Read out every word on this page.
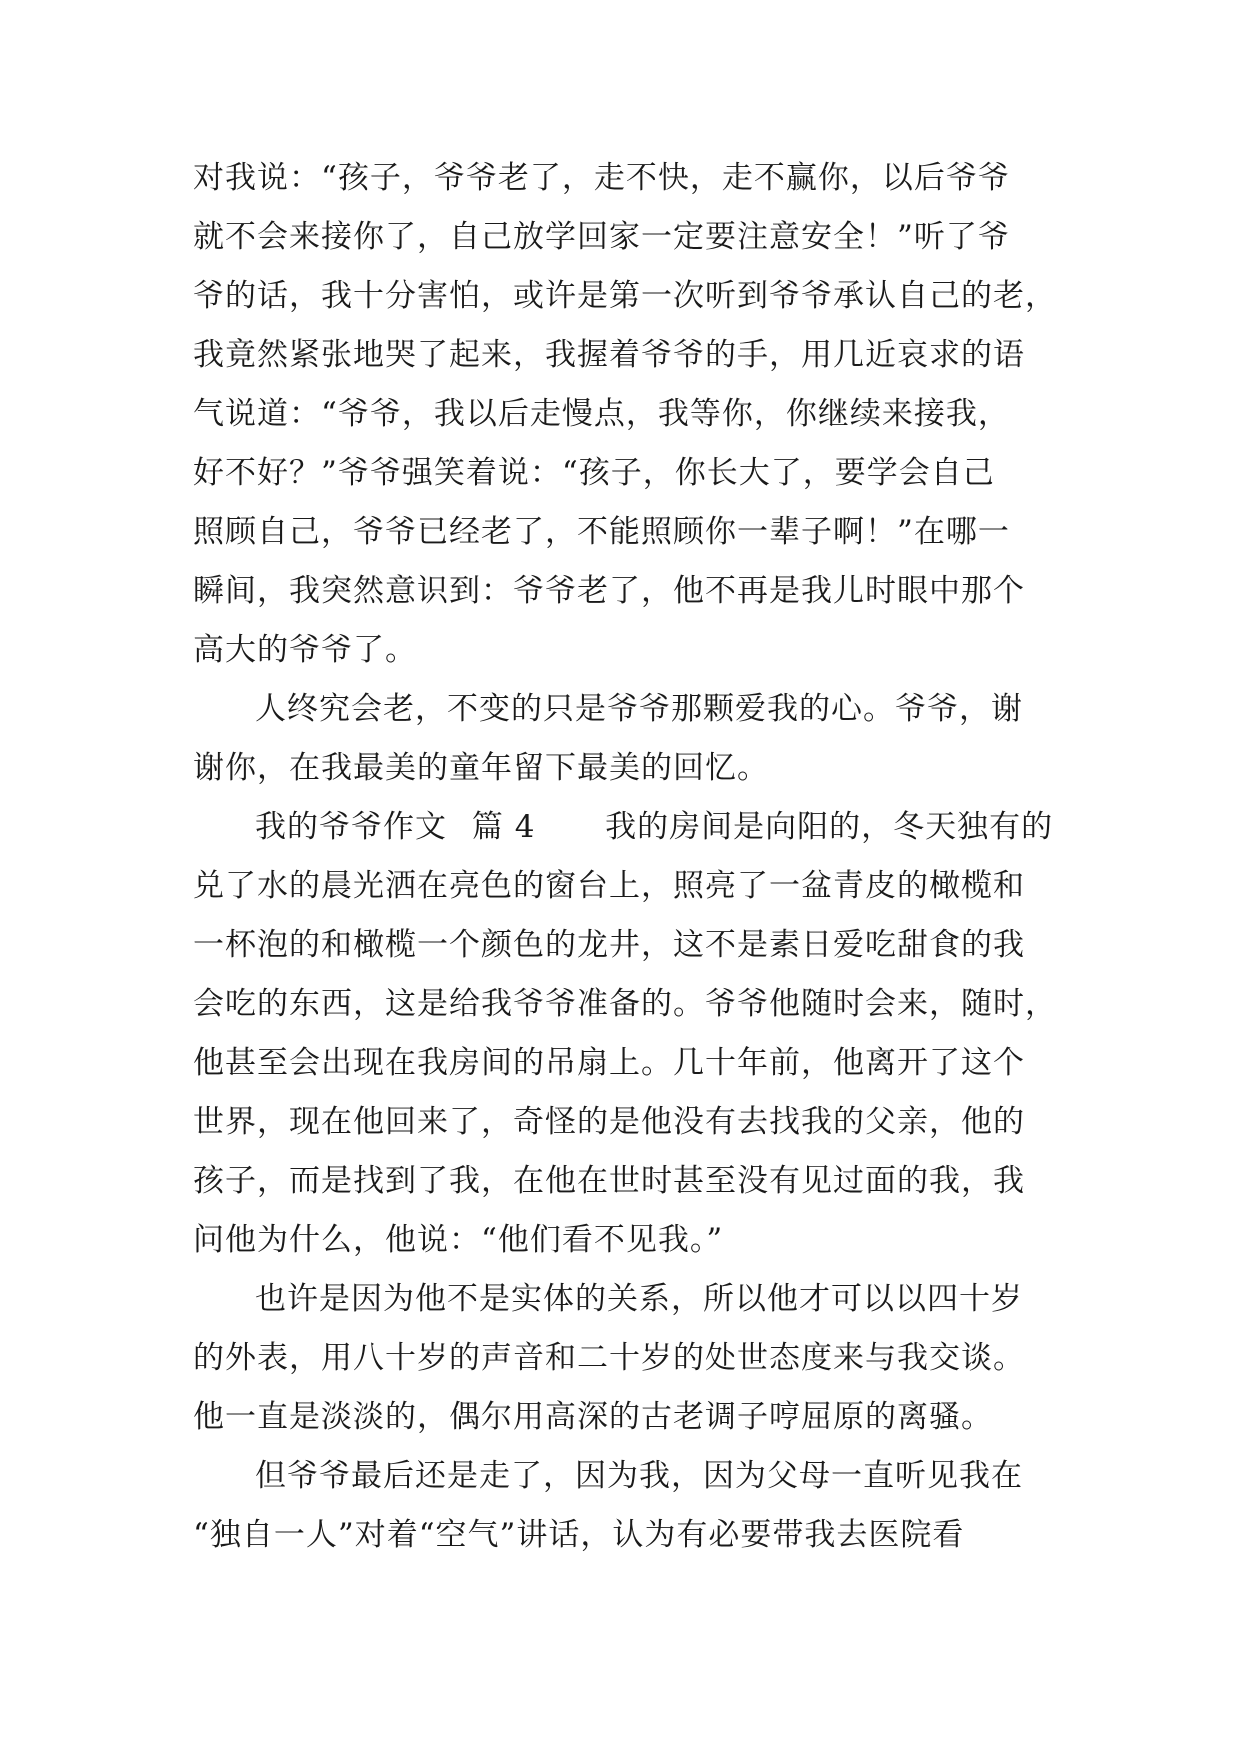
对我说：“孩子，爷爷老了，走不快，走不赢你，以后爷爷
就不会来接你了，自己放学回家一定要注意安全！”听了爷
爷的话，我十分害怕，或许是第一次听到爷爷承认自己的老，
我竟然紧张地哭了起来，我握着爷爷的手，用几近哀求的语
气说道：“爷爷，我以后走慢点，我等你，你继续来接我，
好不好？”爷爷强笑着说：“孩子，你长大了，要学会自己
照顾自己，爷爷已经老了，不能照顾你一辈子啊！”在哪一
瞬间，我突然意识到：爷爷老了，他不再是我儿时眼中那个
高大的爷爷了。
人终究会老，不变的只是爷爷那颗爱我的心。爷爷，谢
谢你，在我最美的童年留下最美的回忆。
我的爷爷作文 篇 4 我的房间是向阳的，冬天独有的
兑了水的晨光洒在亮色的窗台上，照亮了一盆青皮的橄榄和
一杯泡的和橄榄一个颜色的龙井，这不是素日爱吃甜食的我
会吃的东西，这是给我爷爷准备的。爷爷他随时会来，随时，
他甚至会出现在我房间的吊扇上。几十年前，他离开了这个
世界，现在他回来了，奇怪的是他没有去找我的父亲，他的
孩子，而是找到了我，在他在世时甚至没有见过面的我，我
问他为什么，他说：“他们看不见我。”
也许是因为他不是实体的关系，所以他才可以以四十岁
的外表，用八十岁的声音和二十岁的处世态度来与我交谈。
他一直是淡淡的，偶尔用高深的古老调子哼屈原的离骚。
但爷爷最后还是走了，因为我，因为父母一直听见我在
“独自一人”对着“空气”讲话，认为有必要带我去医院看
